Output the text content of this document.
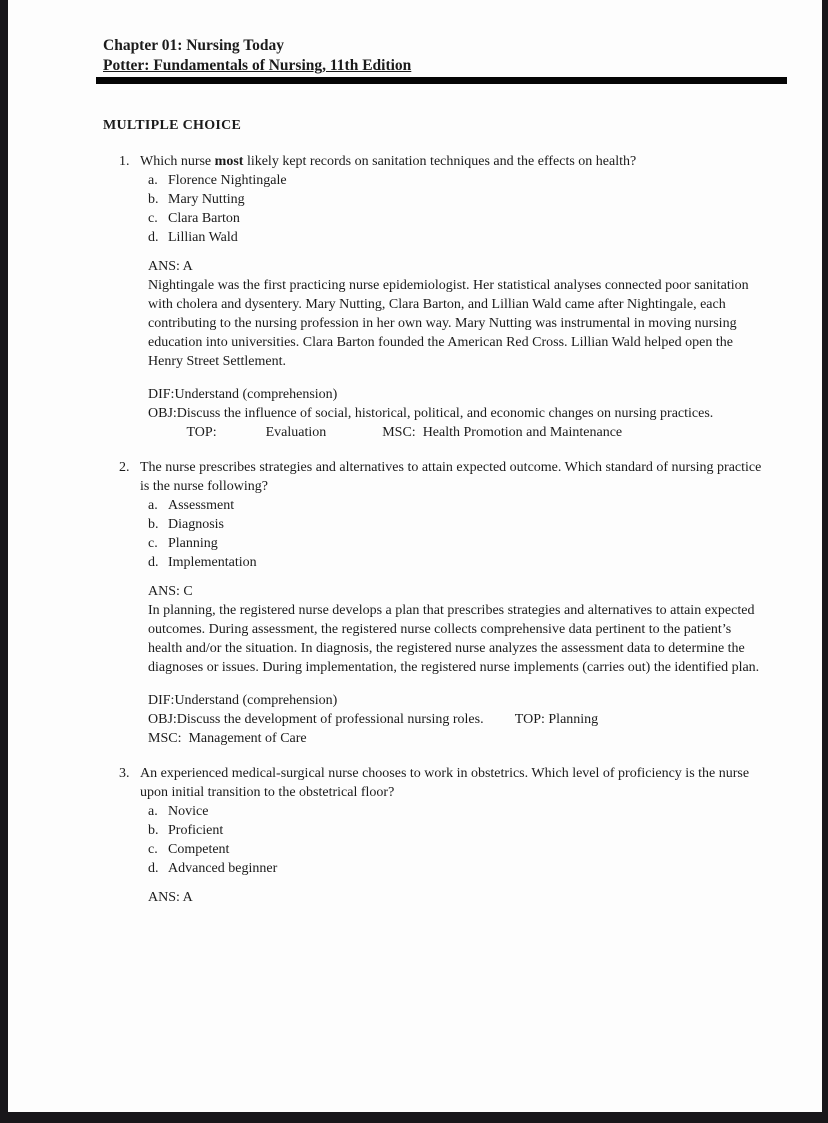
Chapter 01: Nursing Today
Potter: Fundamentals of Nursing, 11th Edition
MULTIPLE CHOICE
1. Which nurse most likely kept records on sanitation techniques and the effects on health?
a. Florence Nightingale
b. Mary Nutting
c. Clara Barton
d. Lillian Wald
ANS: A
Nightingale was the first practicing nurse epidemiologist. Her statistical analyses connected poor sanitation with cholera and dysentery. Mary Nutting, Clara Barton, and Lillian Wald came after Nightingale, each contributing to the nursing profession in her own way. Mary Nutting was instrumental in moving nursing education into universities. Clara Barton founded the American Red Cross. Lillian Wald helped open the Henry Street Settlement.
DIF:Understand (comprehension)
OBJ:Discuss the influence of social, historical, political, and economic changes on nursing practices.
TOP:              Evaluation                MSC:  Health Promotion and Maintenance
2. The nurse prescribes strategies and alternatives to attain expected outcome. Which standard of nursing practice is the nurse following?
a. Assessment
b. Diagnosis
c. Planning
d. Implementation
ANS: C
In planning, the registered nurse develops a plan that prescribes strategies and alternatives to attain expected outcomes. During assessment, the registered nurse collects comprehensive data pertinent to the patient’s health and/or the situation. In diagnosis, the registered nurse analyzes the assessment data to determine the diagnoses or issues. During implementation, the registered nurse implements (carries out) the identified plan.
DIF:Understand (comprehension)
OBJ:Discuss the development of professional nursing roles.         TOP: Planning
MSC:  Management of Care
3. An experienced medical-surgical nurse chooses to work in obstetrics. Which level of proficiency is the nurse upon initial transition to the obstetrical floor?
a. Novice
b. Proficient
c. Competent
d. Advanced beginner
ANS: A
